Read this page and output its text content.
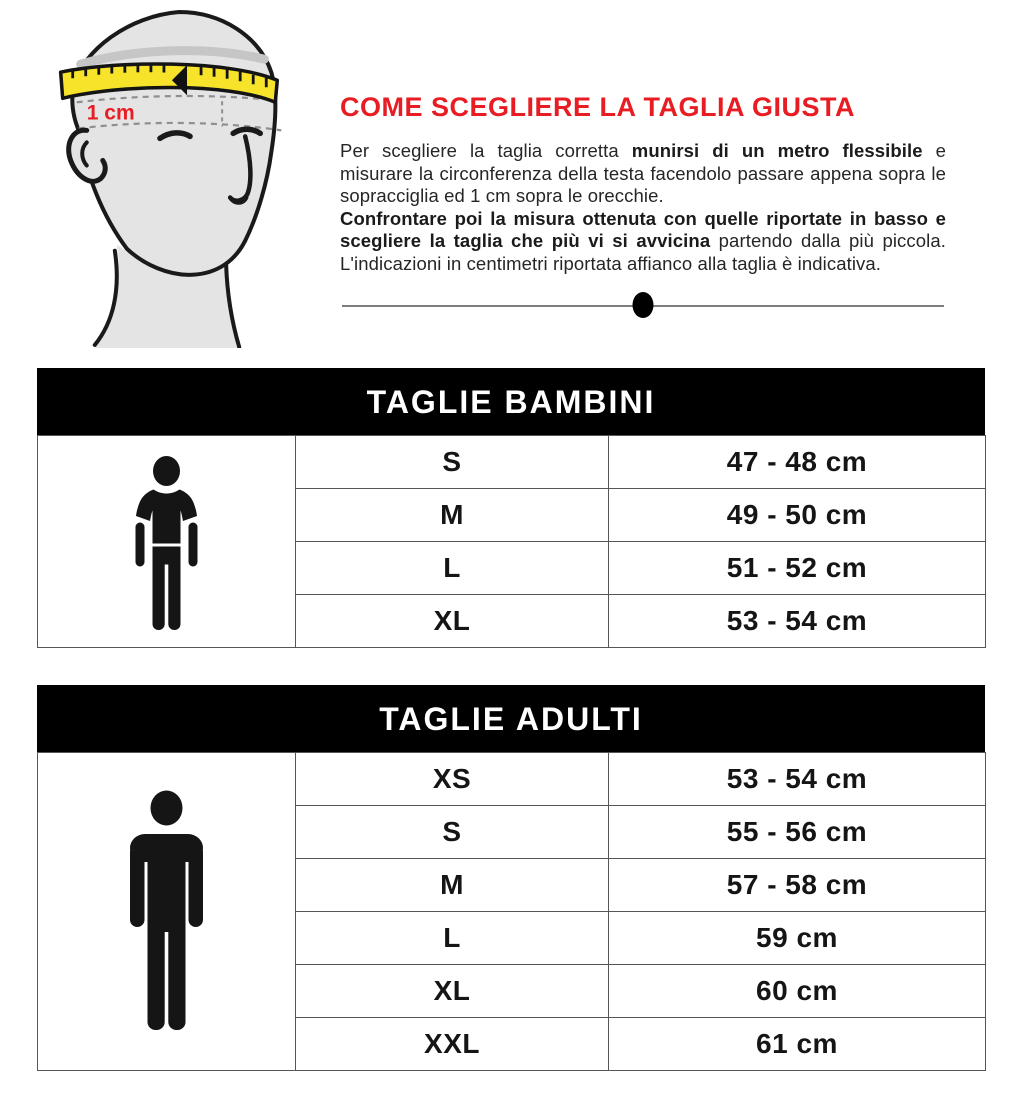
1 cm	COME SCEGLIERE LA TAGLIA GIUSTA

Per scegliere la taglia corretta munirsi di un metro flessibile e misurare la circonferenza della testa facendolo passare appena sopra le sopracciglia ed 1 cm sopra le orecchie.

Confrontare poi la misura ottenuta con quelle riportate in basso e scegliere la taglia che più vi si avvicina partendo dalla più piccola. L'indicazioni in centimetri riportata affianco alla taglia è indicativa.

TAGLIE BAMBINI
	S	47 - 48 cm
	M	49 - 50 cm
	L	51 - 52 cm
	XL	53 - 54 cm
TAGLIE ADULTI
	XS	53 - 54 cm
	S	55 - 56 cm
	M	57 - 58 cm
	L	59 cm
	XL	60 cm
	XXL	61 cm
